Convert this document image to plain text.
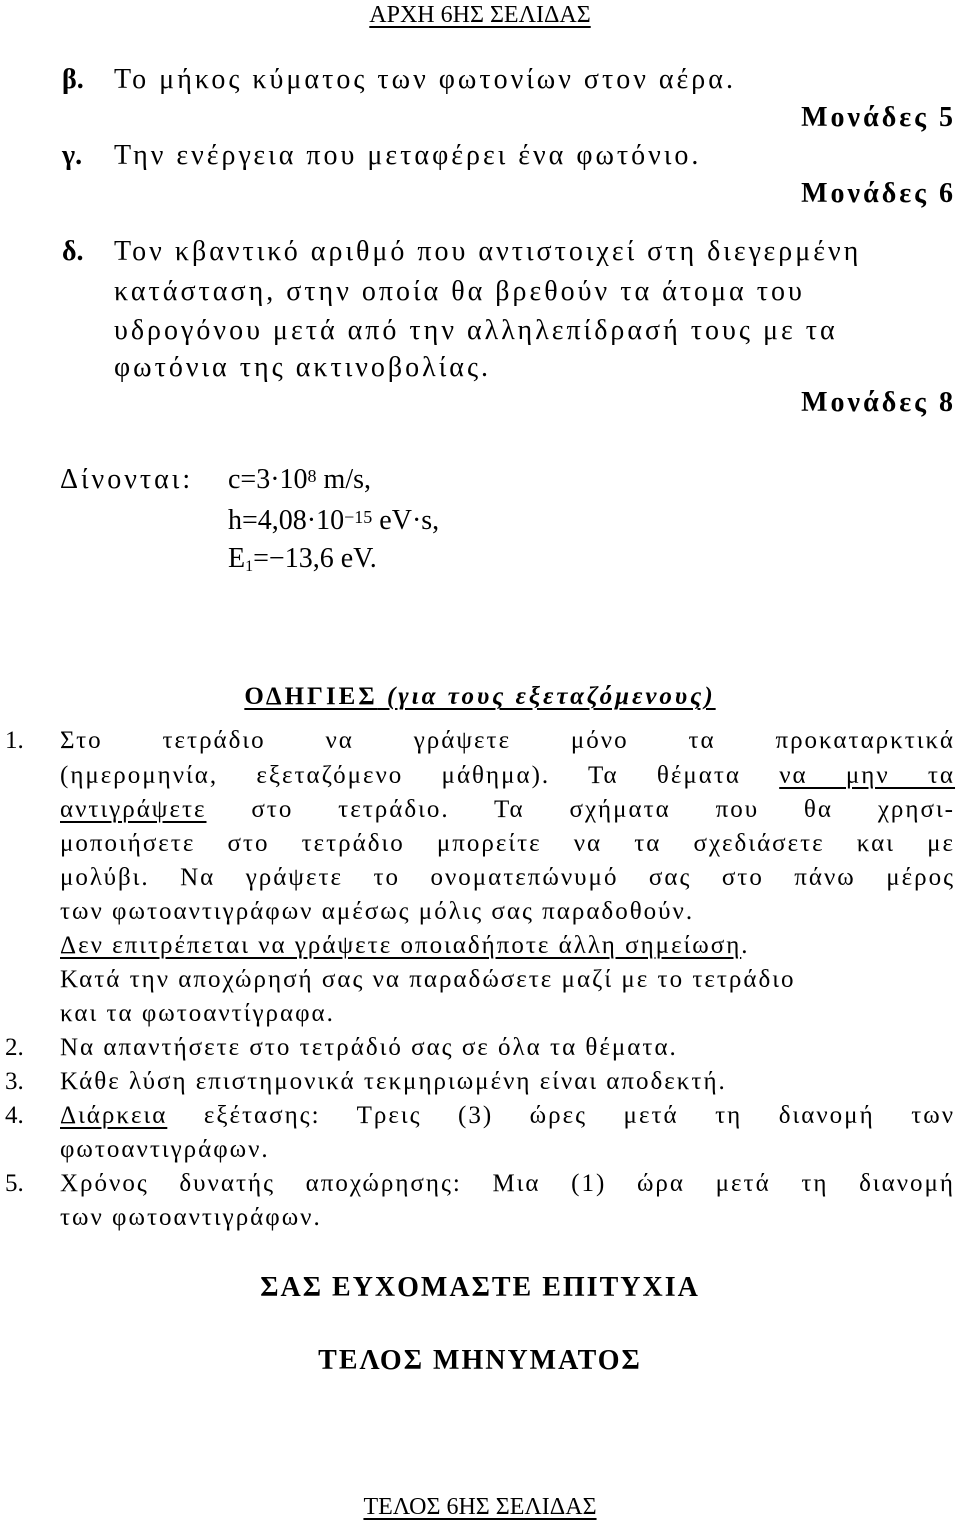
ΑΡΧΗ 6ΗΣ ΣΕΛΙΔΑΣ
β. Το μήκος κύματος των φωτονίων στον αέρα.
Μονάδες 5
γ. Την ενέργεια που μεταφέρει ένα φωτόνιο.
Μονάδες 6
δ. Τον κβαντικό αριθμό που αντιστοιχεί στη διεγερμένη
κατάσταση, στην οποία θα βρεθούν τα άτομα του
υδρογόνου μετά από την αλληλεπίδρασή τους με τα
φωτόνια της ακτινοβολίας.
Μονάδες 8
Δίνονται: $c=3\cdot 10^8$ m/s,
$h=4,08\cdot 10^{-15}$ eV·s,
$E_1=-13,6$ eV.
ΟΔΗΓΙΕΣ (για τους εξεταζόμενους)
1. Στο τετράδιο να γράψετε μόνο τα προκαταρκτικά
(ημερομηνία, εξεταζόμενο μάθημα). Τα θέματα να μην τα
αντιγράψετε στο τετράδιο. Τα σχήματα που θα χρησι-
μοποιήσετε στο τετράδιο μπορείτε να τα σχεδιάσετε και με
μολύβι. Να γράψετε το ονοματεπώνυμό σας στο πάνω μέρος
των φωτοαντιγράφων αμέσως μόλις σας παραδοθούν.
Δεν επιτρέπεται να γράψετε οποιαδήποτε άλλη σημείωση.
Κατά την αποχώρησή σας να παραδώσετε μαζί με το τετράδιο
και τα φωτοαντίγραφα.
2. Να απαντήσετε στο τετράδιό σας σε όλα τα θέματα.
3. Κάθε λύση επιστημονικά τεκμηριωμένη είναι αποδεκτή.
4. Διάρκεια εξέτασης: Τρεις (3) ώρες μετά τη διανομή των
φωτοαντιγράφων.
5. Χρόνος δυνατής αποχώρησης: Μια (1) ώρα μετά τη διανομή
των φωτοαντιγράφων.
ΣΑΣ ΕΥΧΟΜΑΣΤΕ ΕΠΙΤΥΧΙΑ
ΤΕΛΟΣ ΜΗΝΥΜΑΤΟΣ
ΤΕΛΟΣ 6ΗΣ ΣΕΛΙΔΑΣ
